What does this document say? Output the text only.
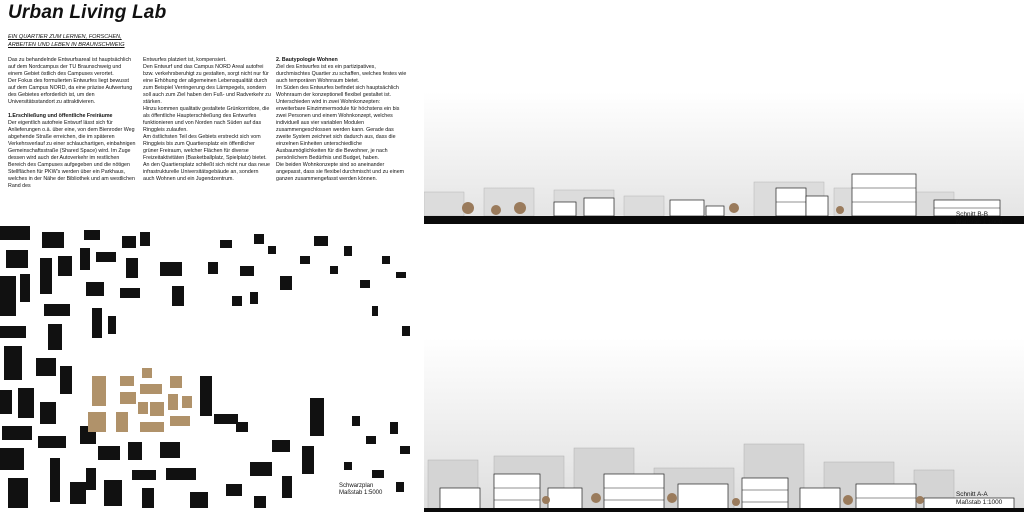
Urban Living Lab
EIN QUARTIER ZUM LERNEN, FORSCHEN,
ARBEITEN UND LEBEN IN BRAUNSCHWEIG
Das zu behandelnde Entwurfsareal ist hauptsächlich auf dem Nordcampus der TU Braunschweig und einem Gebiet östlich des Campuses verortet.
Der Fokus des formulierten Entwurfes liegt bewusst auf dem Campus NORD, da eine präzise Aufwertung des Gebietes erforderlich ist, um den Universitätsstandort zu attraktivieren.

1.Erschließung und öffentliche Freiräume
Der eigentlich autofreie Entwurf lässt sich für Anlieferungen o.ä. über eine, von dem Bienroder Weg abgehende Straße erreichen, die im späteren Verkehrsverlauf zu einer schlauchartigen, einbahnigen Gemeinschaftsstraße (Shared Space) wird. Im Zuge dessen wird auch der Autoverkehr im restlichen Bereich des Campuses aufgegeben und die nötigen Stellflächen für PKW's werden über ein Parkhaus, welches in der Nähe der Bibliothek und am westlichen Rand des
Entwurfes platziert ist, kompensiert.
Den Entwurf und das Campus NORD Areal autofrei bzw. verkehrsberuhigt zu gestalten, sorgt nicht nur für eine Erhöhung der allgemeinen Lebensqualität durch zum Beispiel Verringerung des Lärmpegels, sondern soll auch zum Ziel haben den Fuß- und Radverkehr zu stärken.
Hinzu kommen qualitativ gestaltete Grünkorridore, die als öffentliche Haupterschließung des Entwurfes funktionieren und von Norden nach Süden auf das Ringgleis zulaufen.
Am östlichsten Teil des Gebiets erstreckt sich vom Ringgleis bis zum Quartiersplatz ein öffentlicher grüner Freiraum, welcher Flächen für diverse Freizeitaktivitäten (Basketballplatz, Spielplatz) bietet.
An den Quartiersplatz schließt sich nicht nur das neue infrastrukturelle Universitätsgebäude an, sondern auch Wohnen und ein Jugendzentrum.
2. Bautypologie Wohnen
Ziel des Entwurfes ist es ein partizipatives, durchmischtes Quartier zu schaffen, welches festes wie auch temporären Wohnraum bietet.
Im Süden des Entwurfes befindet sich hauptsächlich Wohnraum der konzeptionell flexibel gestaltet ist. Unterschieden wird in zwei Wohnkonzepten: erweiterbare Einzimmermodule für höchstens ein bis zwei Personen und einem Wohnkonzept, welches individuell aus vier variablen Modulen zusammengeschlossen werden kann. Gerade das zweite System zeichnet sich dadurch aus, dass die einzelnen Einheiten unterschiedliche Ausbaumöglichkeiten für die Bewohner, je nach persönlichem Bedürfnis und Budget, haben.
Die beiden Wohnkonzepte sind so aneinander angepasst, dass sie flexibel durchmischt und zu einem ganzen zusammengefasst werden können.
Schwarzplan
Maßstab 1:5000
Schnitt B-B
Maßstab 1:1000
Schnitt A-A
Maßstab 1:1000
